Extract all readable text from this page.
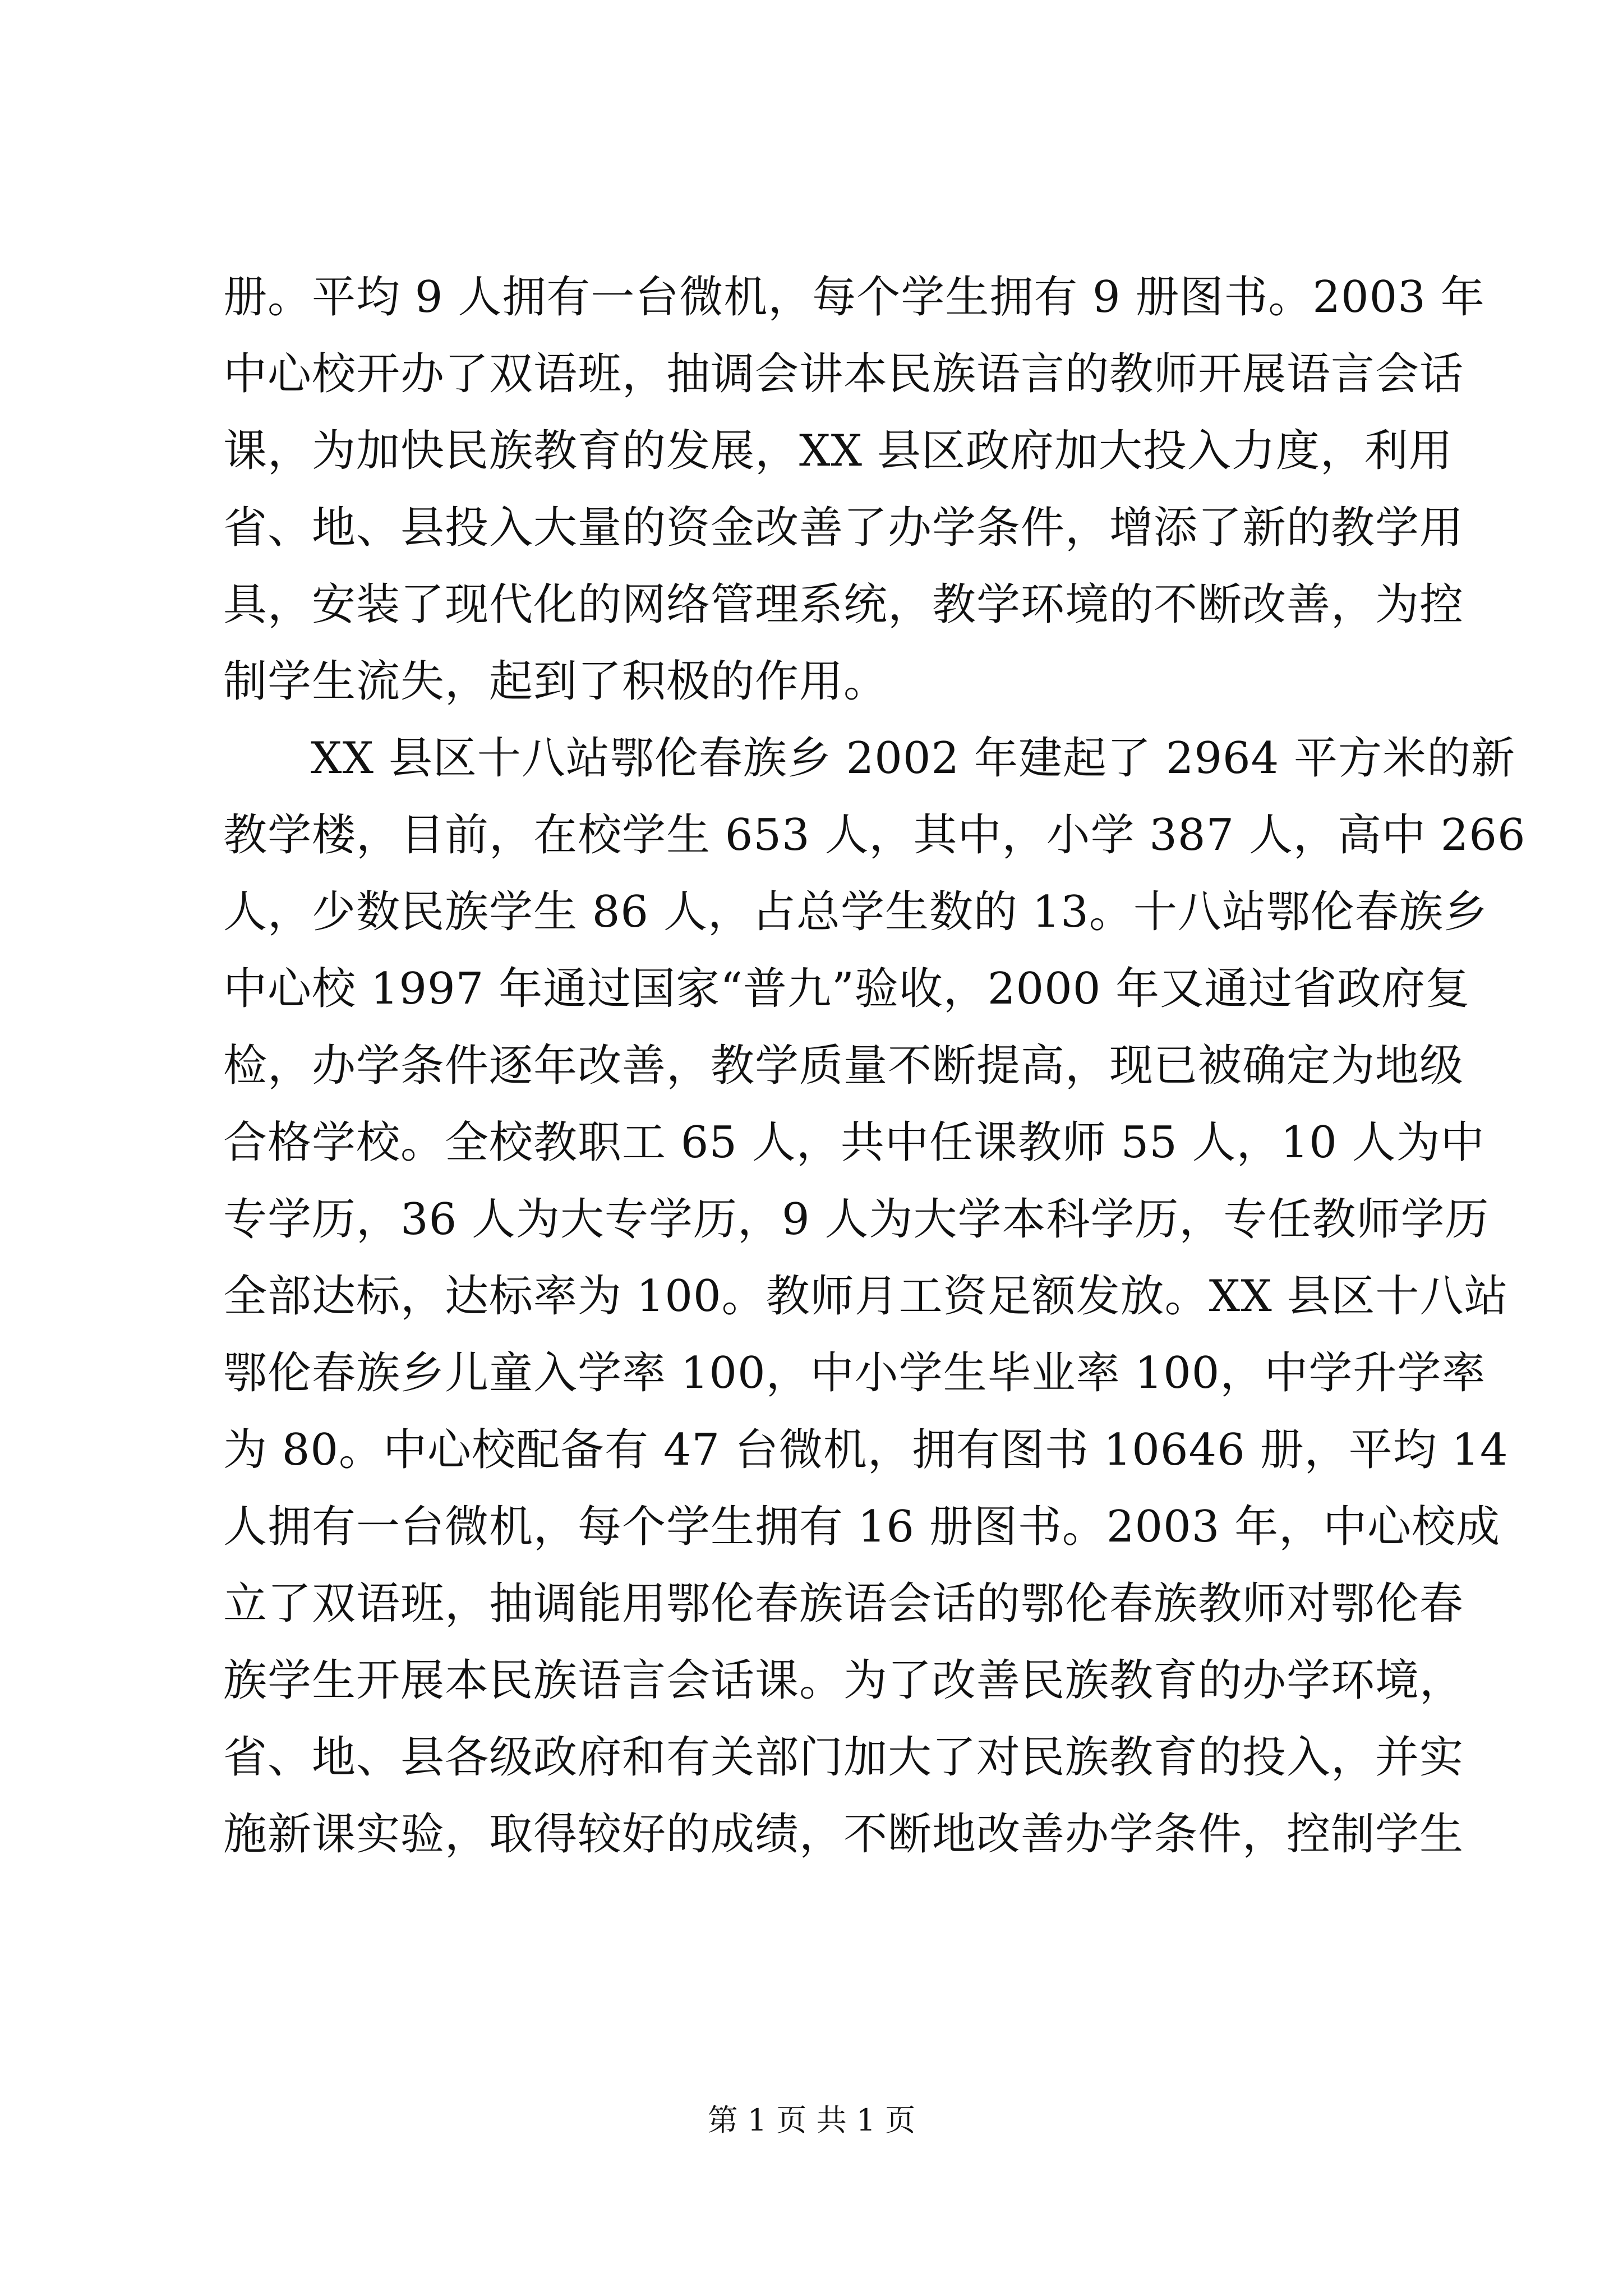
册。平均 9 人拥有一台微机，每个学生拥有 9 册图书。2003 年
中心校开办了双语班，抽调会讲本民族语言的教师开展语言会话
课，为加快民族教育的发展，XX 县区政府加大投入力度，利用
省、地、县投入大量的资金改善了办学条件，增添了新的教学用
具，安装了现代化的网络管理系统，教学环境的不断改善，为控
制学生流失，起到了积极的作用。
XX 县区十八站鄂伦春族乡 2002 年建起了 2964 平方米的新
教学楼，目前，在校学生 653 人，其中，小学 387 人，高中 266
人，少数民族学生 86 人，占总学生数的 13。十八站鄂伦春族乡
中心校 1997 年通过国家“普九”验收，2000 年又通过省政府复
检，办学条件逐年改善，教学质量不断提高，现已被确定为地级
合格学校。全校教职工 65 人，共中任课教师 55 人，10 人为中
专学历，36 人为大专学历，9 人为大学本科学历，专任教师学历
全部达标，达标率为 100。教师月工资足额发放。XX 县区十八站
鄂伦春族乡儿童入学率 100，中小学生毕业率 100，中学升学率
为 80。中心校配备有 47 台微机，拥有图书 10646 册，平均 14
人拥有一台微机，每个学生拥有 16 册图书。2003 年，中心校成
立了双语班，抽调能用鄂伦春族语会话的鄂伦春族教师对鄂伦春
族学生开展本民族语言会话课。为了改善民族教育的办学环境，
省、地、县各级政府和有关部门加大了对民族教育的投入，并实
施新课实验，取得较好的成绩，不断地改善办学条件，控制学生
第 1 页 共 1 页
